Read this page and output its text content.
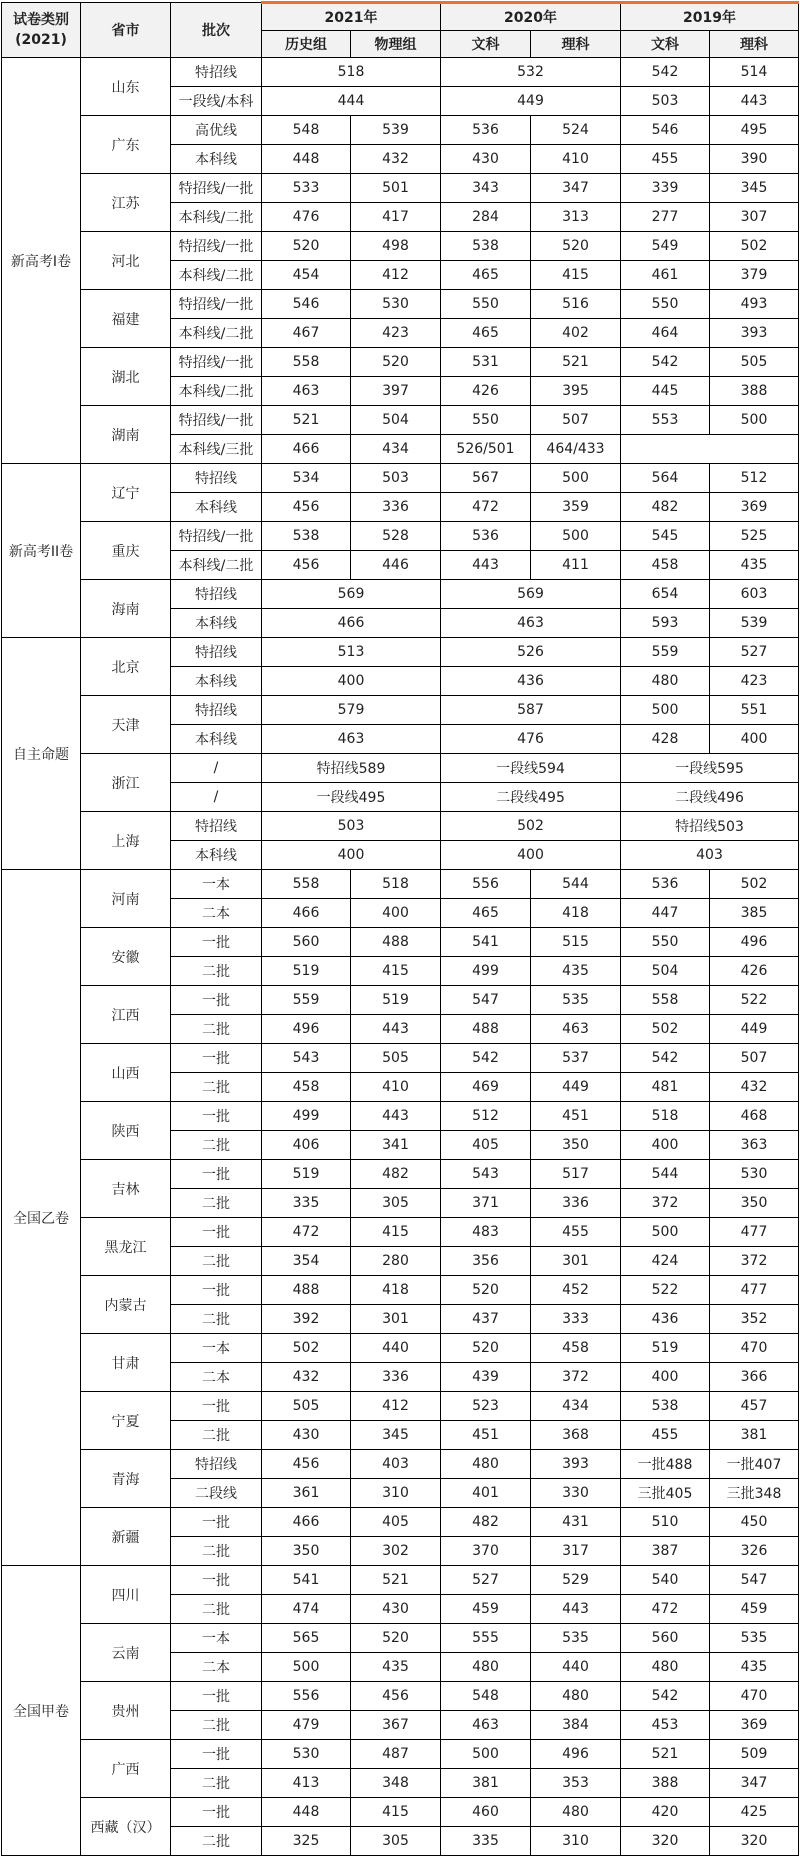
试卷类别
(2021)	省市	批次	2021年		2020年		2019年	
			历史组	物理组	文科	理科	文科	理科
新高考I卷	山东	特招线	518		532		542	514
		一段线/本科	444		449		503	443
	广东	高优线	548	539	536	524	546	495
		本科线	448	432	430	410	455	390
	江苏	特招线/一批	533	501	343	347	339	345
		本科线/二批	476	417	284	313	277	307
	河北	特招线/一批	520	498	538	520	549	502
		本科线/二批	454	412	465	415	461	379
	福建	特招线/一批	546	530	550	516	550	493
		本科线/二批	467	423	465	402	464	393
	湖北	特招线/一批	558	520	531	521	542	505
		本科线/二批	463	397	426	395	445	388
	湖南	特招线/一批	521	504	550	507	553	500
		本科线/三批	466	434	526/501	464/433		
新高考II卷	辽宁	特招线	534	503	567	500	564	512
		本科线	456	336	472	359	482	369
	重庆	特招线/一批	538	528	536	500	545	525
		本科线/二批	456	446	443	411	458	435
	海南	特招线	569		569		654	603
		本科线	466		463		593	539
自主命题	北京	特招线	513		526		559	527
		本科线	400		436		480	423
	天津	特招线	579		587		500	551
		本科线	463		476		428	400
	浙江	/	特招线589		一段线594		一段线595	
		/	一段线495		二段线495		二段线496	
	上海	特招线	503		502		特招线503	
		本科线	400		400		403	
全国乙卷	河南	一本	558	518	556	544	536	502
		二本	466	400	465	418	447	385
	安徽	一批	560	488	541	515	550	496
		二批	519	415	499	435	504	426
	江西	一批	559	519	547	535	558	522
		二批	496	443	488	463	502	449
	山西	一批	543	505	542	537	542	507
		二批	458	410	469	449	481	432
	陕西	一批	499	443	512	451	518	468
		二批	406	341	405	350	400	363
	吉林	一批	519	482	543	517	544	530
		二批	335	305	371	336	372	350
	黑龙江	一批	472	415	483	455	500	477
		二批	354	280	356	301	424	372
	内蒙古	一批	488	418	520	452	522	477
		二批	392	301	437	333	436	352
	甘肃	一本	502	440	520	458	519	470
		二本	432	336	439	372	400	366
	宁夏	一批	505	412	523	434	538	457
		二批	430	345	451	368	455	381
	青海	特招线	456	403	480	393	一批488	一批407
		二段线	361	310	401	330	三批405	三批348
	新疆	一批	466	405	482	431	510	450
		二批	350	302	370	317	387	326
全国甲卷	四川	一批	541	521	527	529	540	547
		二批	474	430	459	443	472	459
	云南	一本	565	520	555	535	560	535
		二本	500	435	480	440	480	435
	贵州	一批	556	456	548	480	542	470
		二批	479	367	463	384	453	369
	广西	一批	530	487	500	496	521	509
		二批	413	348	381	353	388	347
	西藏（汉）	一批	448	415	460	480	420	425
		二批	325	305	335	310	320	320
